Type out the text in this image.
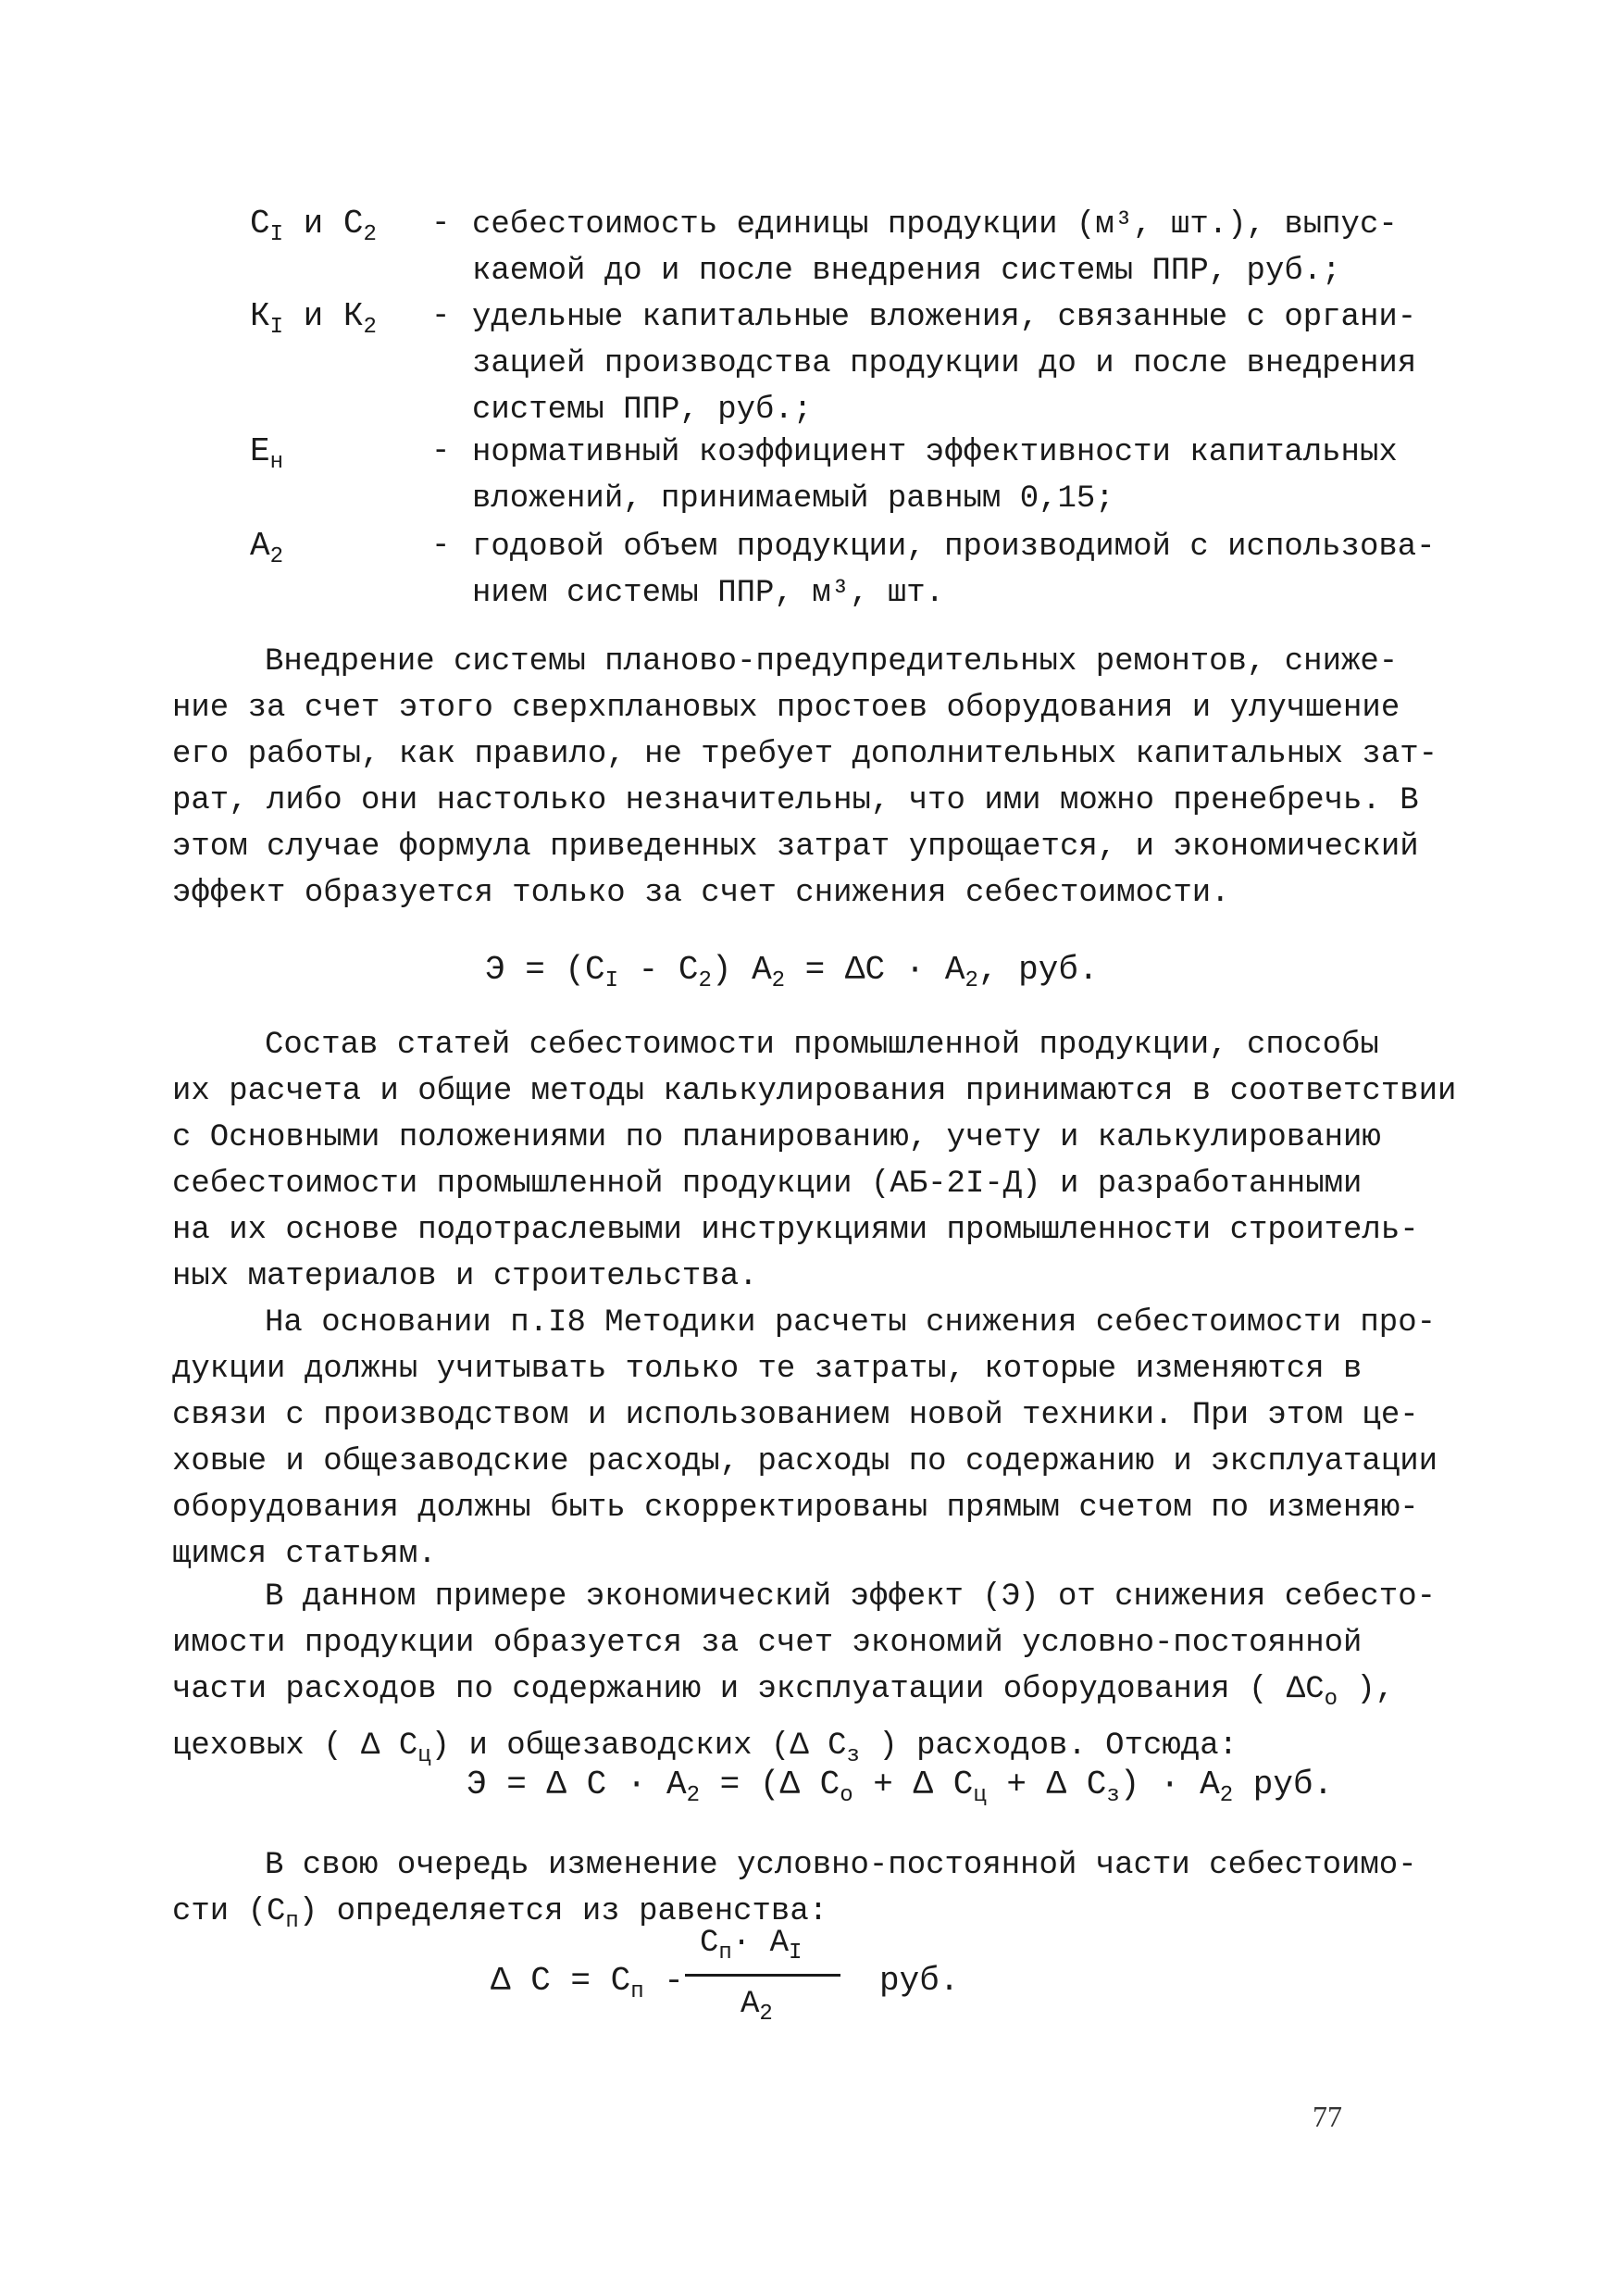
$С_I$ и $С_2$ - себестоимость единицы продукции (м³, шт.), выпус-
каемой до и после внедрения системы ППР, руб.;
$К_I$ и $К_2$ - удельные капитальные вложения, связанные с органи-
зацией производства продукции до и после внедрения
системы ППР, руб.;
$Е_н$	- нормативный коэффициент эффективности капитальных
вложений, принимаемый равным 0,15;
$А_2$	- годовой объем продукции, производимой с использова-
нием системы ППР, м³, шт.
Внедрение системы планово-предупредительных ремонтов, сниже-
ние за счет этого сверхплановых простоев оборудования и улучшение
его работы, как правило, не требует дополнительных капитальных зат-
рат, либо они настолько незначительны, что ими можно пренебречь. В
этом случае формула приведенных затрат упрощается, и экономический
эффект образуется только за счет снижения себестоимости.
$Э = (С_I - С_2) А_2 = \Delta С \cdot А_2$, руб.
Состав статей себестоимости промышленной продукции, способы
их расчета и общие методы калькулирования принимаются в соответствии
с Основными положениями по планированию, учету и калькулированию
себестоимости промышленной продукции (АБ-2I-Д) и разработанными
на их основе подотраслевыми инструкциями промышленности строитель-
ных материалов и строительства.
На основании п.I8 Методики расчеты снижения себестоимости про-
дукции должны учитывать только те затраты, которые изменяются в
связи с производством и использованием новой техники. При этом це-
ховые и общезаводские расходы, расходы по содержанию и эксплуатации
оборудования должны быть скорректированы прямым счетом по изменяю-
щимся статьям.
В данном примере экономический эффект (Э) от снижения себесто-
имости продукции образуется за счет экономий условно-постоянной
части расходов по содержанию и эксплуатации оборудования ( $\Delta С_о$ ),
цеховых ( Δ $С_ц$) и общезаводских (Δ $С_з$ ) расходов. Отсюда:
Э = Δ $С \cdot А_2 = (\Delta$ $С_о + \Delta$ $С_ц + \Delta$ $С_з) \cdot А_2$ руб.
В свою очередь изменение условно-постоянной части себестоимо-
сти $(С_п)$ определяется из равенства:
Δ $С = С_п$ -
$С_п\cdot А_I$
$А_2$
руб.
77
